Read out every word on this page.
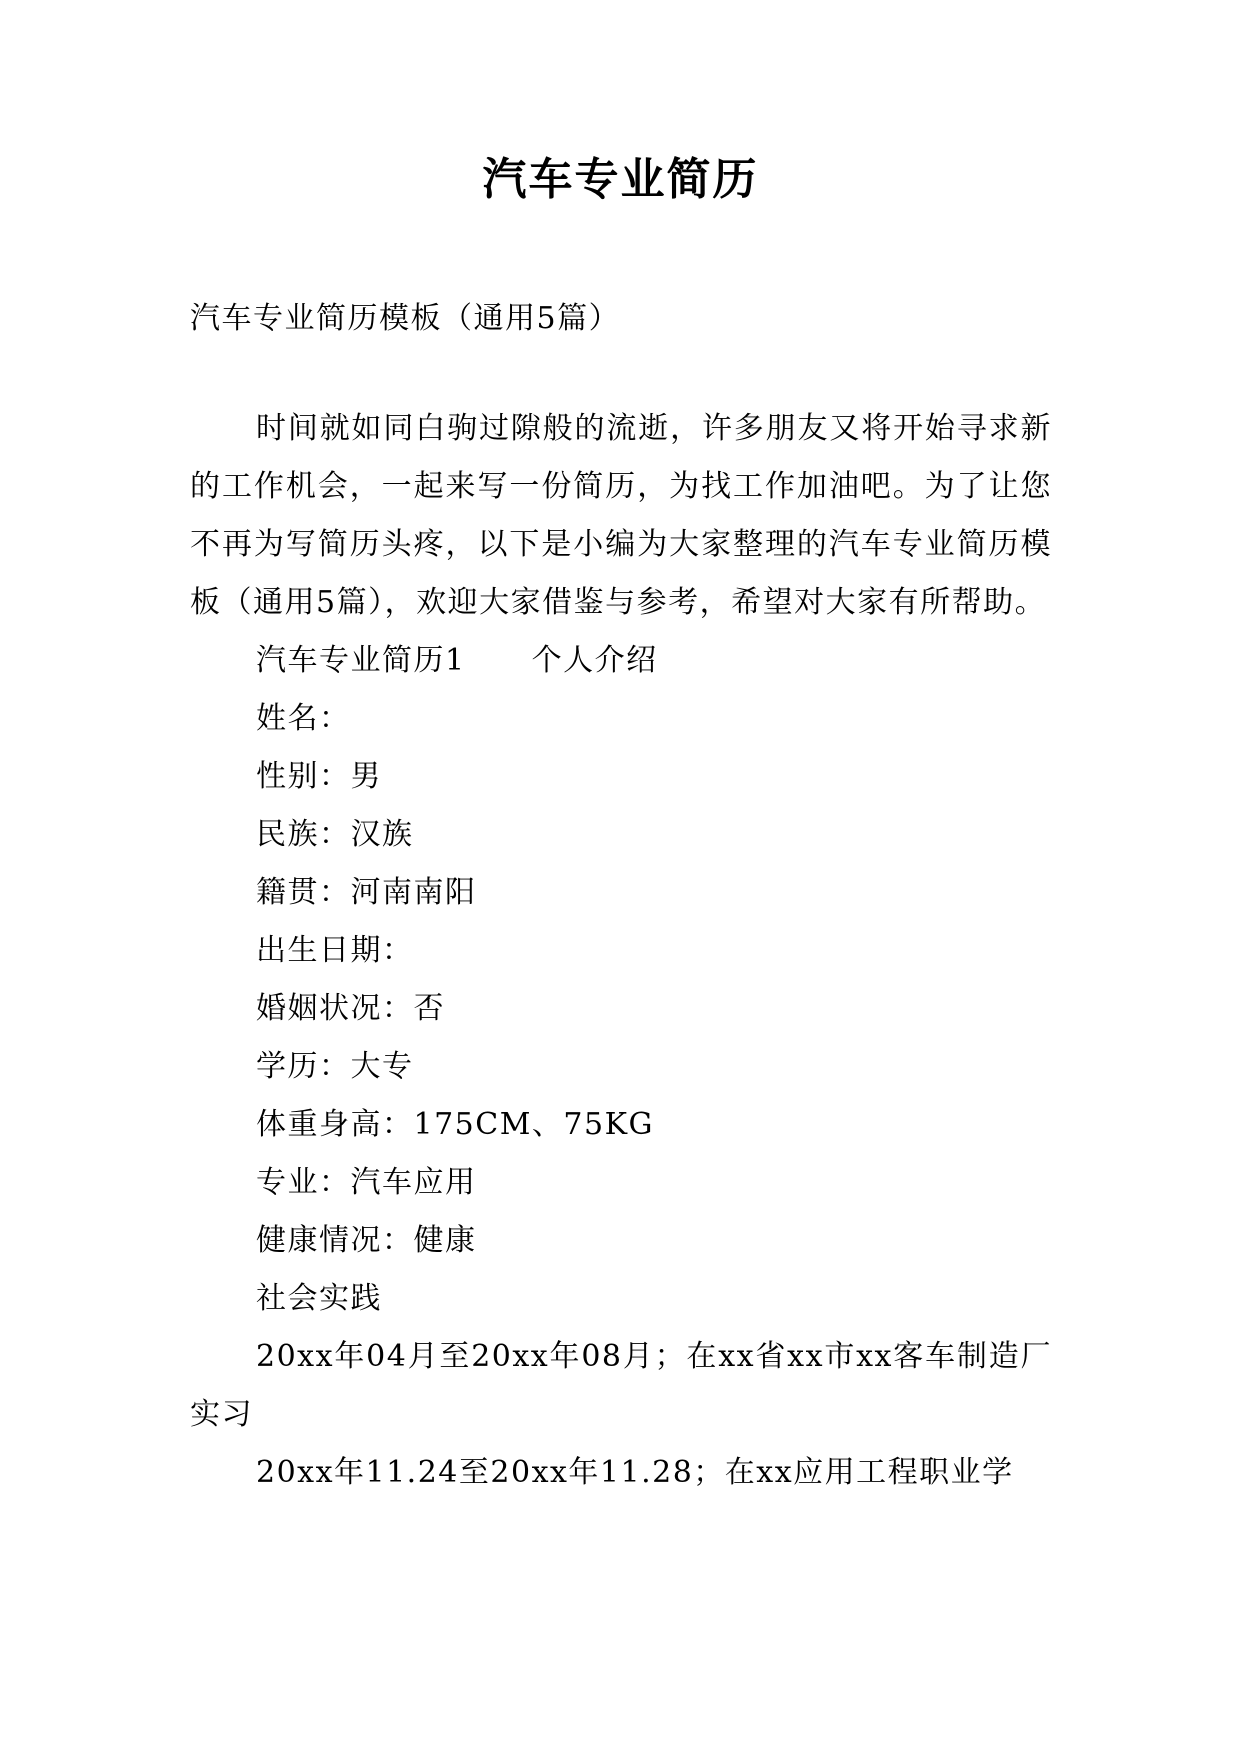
汽车专业简历

汽车专业简历模板（通用5篇）

时间就如同白驹过隙般的流逝，许多朋友又将开始寻求新的工作机会，一起来写一份简历，为找工作加油吧。为了让您不再为写简历头疼，以下是小编为大家整理的汽车专业简历模板（通用5篇），欢迎大家借鉴与参考，希望对大家有所帮助。

汽车专业简历1 个人介绍

姓名：

性别：男

民族：汉族

籍贯：河南南阳

出生日期：

婚姻状况：否

学历：大专

体重身高：175CM、75KG

专业：汽车应用

健康情况：健康

社会实践

20xx年04月至20xx年08月；在xx省xx市xx客车制造厂实习

20xx年11.24至20xx年11.28；在xx应用工程职业学
